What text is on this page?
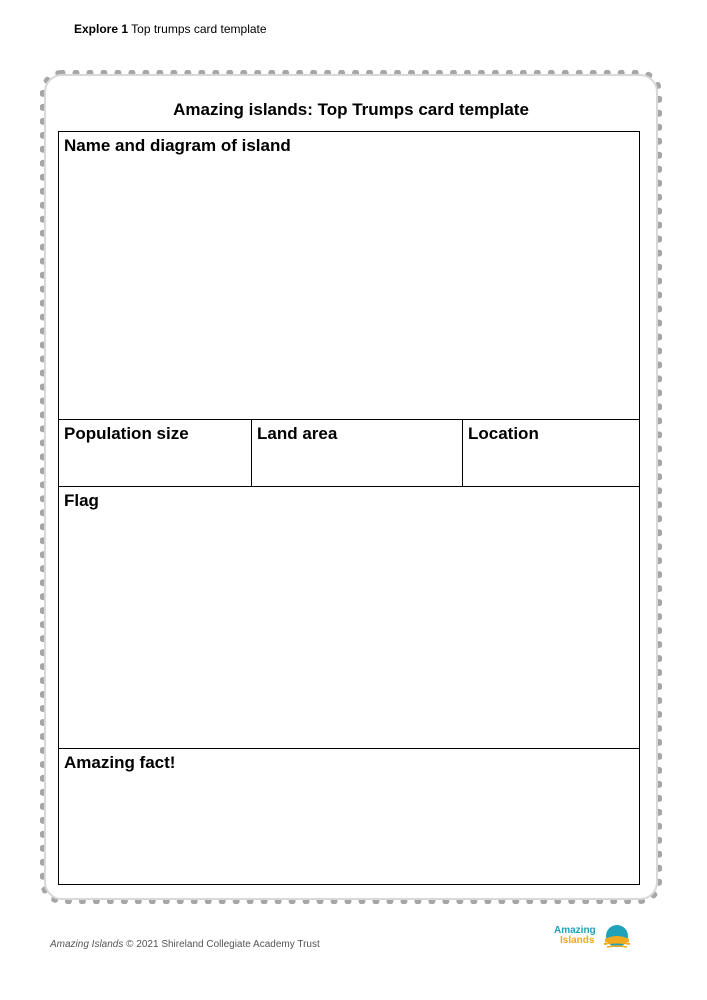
Explore 1 Top trumps card template
Amazing islands: Top Trumps card template
Name and diagram of island
Population size	Land area	Location
Flag
Amazing fact!
Amazing Islands © 2021 Shireland Collegiate Academy Trust
Amazing
Islands
